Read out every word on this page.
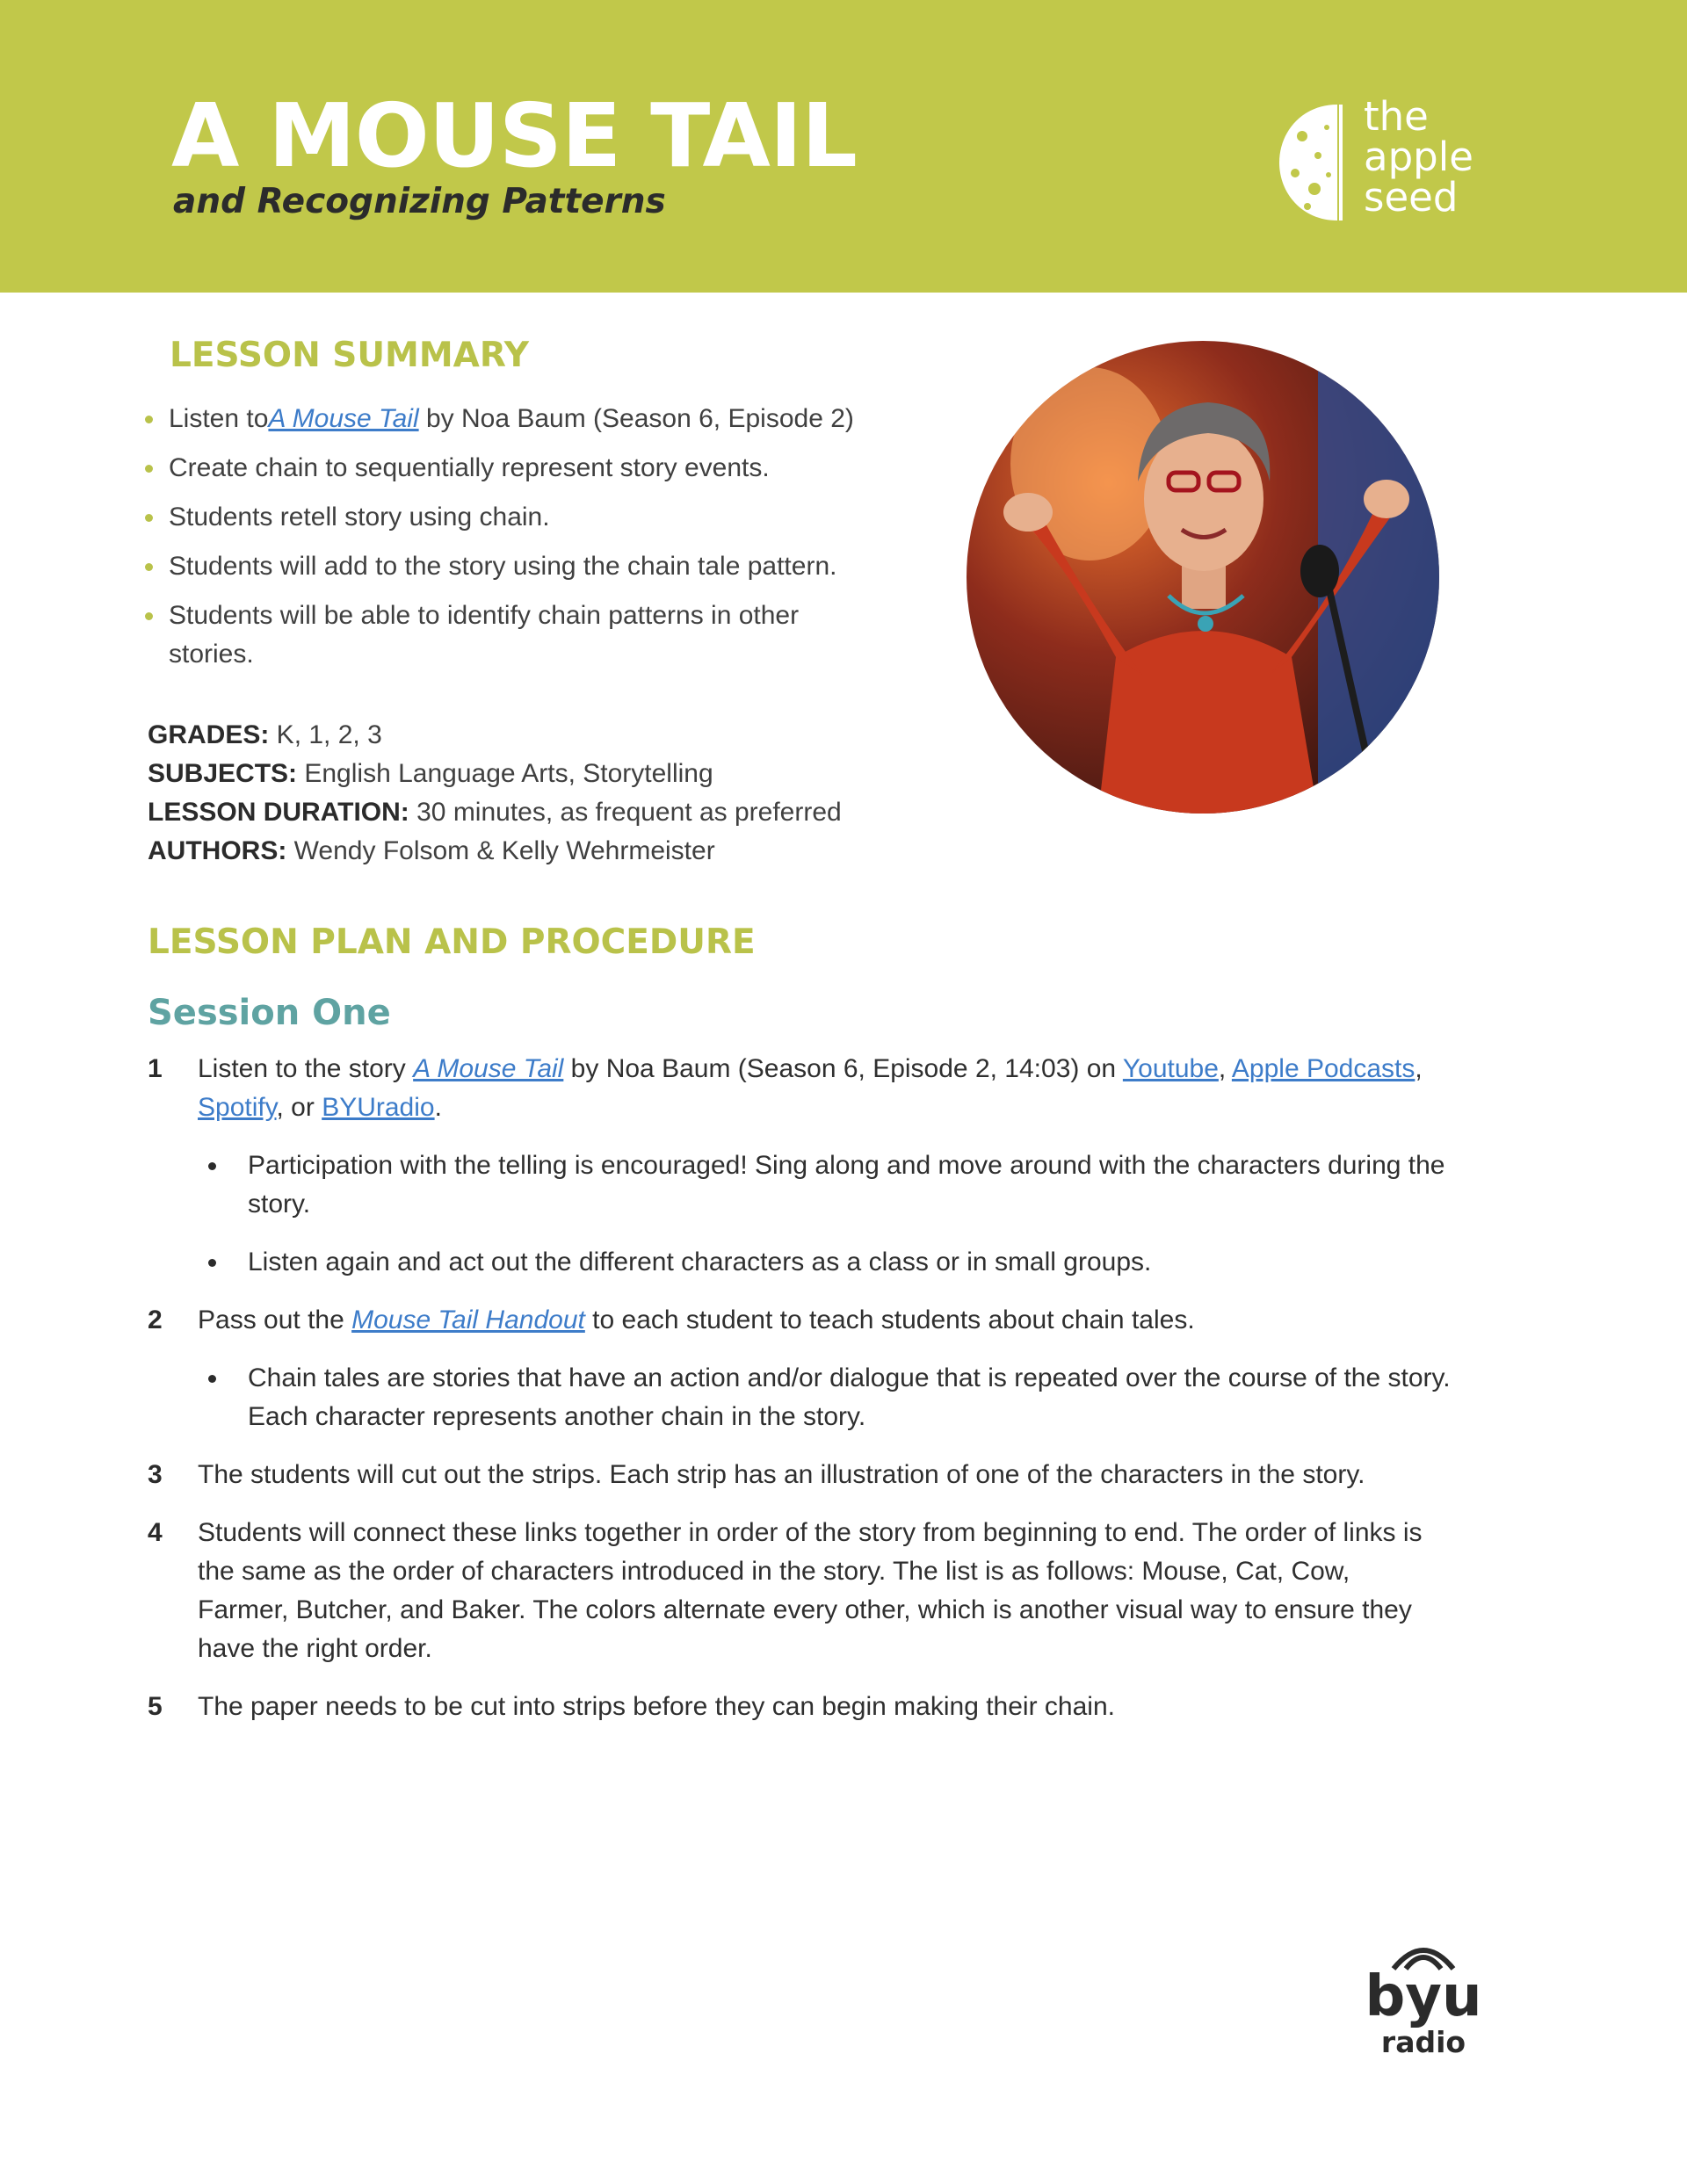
A MOUSE TAIL

and Recognizing Patterns

the
apple
seed

LESSON SUMMARY
Listen toA Mouse Tail by Noa Baum (Season 6, Episode 2)
Create chain to sequentially represent story events.
Students retell story using chain.
Students will add to the story using the chain tale pattern.
Students will be able to identify chain patterns in other stories.
GRADES: K, 1, 2, 3
SUBJECTS: English Language Arts, Storytelling
LESSON DURATION: 30 minutes, as frequent as preferred
AUTHORS: Wendy Folsom & Kelly Wehrmeister
LESSON PLAN AND PROCEDURE
Session One
1 Listen to the story A Mouse Tail by Noa Baum (Season 6, Episode 2, 14:03) on Youtube, Apple Podcasts, Spotify, or BYUradio.
Participation with the telling is encouraged! Sing along and move around with the characters during the story.
Listen again and act out the different characters as a class or in small groups.
2 Pass out the Mouse Tail Handout to each student to teach students about chain tales.
Chain tales are stories that have an action and/or dialogue that is repeated over the course of the story. Each character represents another chain in the story.
3 The students will cut out the strips. Each strip has an illustration of one of the characters in the story.
4 Students will connect these links together in order of the story from beginning to end. The order of links is the same as the order of characters introduced in the story. The list is as follows: Mouse, Cat, Cow, Farmer, Butcher, and Baker. The colors alternate every other, which is another visual way to ensure they have the right order.
5 The paper needs to be cut into strips before they can begin making their chain.

byu

radio
